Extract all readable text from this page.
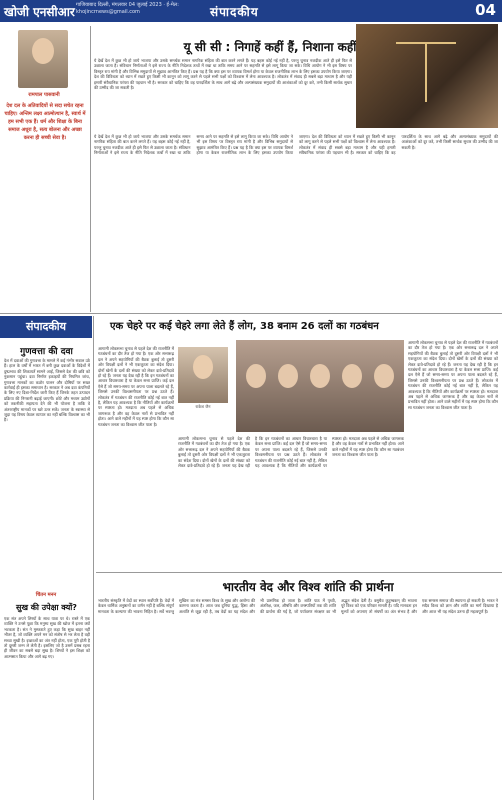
खोजी एनसीआर गाजियाबाद दिल्ली, मंगलवार 04 जुलाई 2023 · ई-मेल: khojincrnews@gmail.com	संपादकीय	04
रामपाल पासवानी
देश दल के अतिवादियों से सदा सचेत रहना चाहिए। अन्तिम लक्ष्य आत्मोत्थान है, स्वार्थ में हम सभी एक हैं। धर्म और शिक्षा के बिना समाज अधूरा है, सत्य बोलना और अच्छा करना ही सच्ची सेवा है।
यू सी सी : निगाहें कहीं हैं, निशाना कहीं
ये देखें देश में कुछ भी हो जाये भाजपा और उसके समर्थक समान नागरिक संहिता की बात करने लगते हैं। यह बहस कोई नई नहीं है, परन्तु चुनाव नजदीक आते ही इसे फिर से उछाला जाता है। संविधान निर्माताओं ने इसे राज्य के नीति निदेशक तत्वों में रखा था ताकि समय आने पर सहमति से इसे लागू किया जा सके। विधि आयोग ने भी इस विषय पर विस्तृत राय मांगी है और विभिन्न समुदायों से सुझाव आमंत्रित किए हैं। प्रश्न यह है कि क्या इस पर व्यापक विमर्श होगा या केवल राजनीतिक लाभ के लिए इसका उपयोग किया जाएगा। देश की विविधता को ध्यान में रखते हुए किसी भी कानून को लागू करने से पहले सभी पक्षों को विश्वास में लेना आवश्यक है। लोकतंत्र में संवाद ही सबसे बड़ा माध्यम है और यही हमारी संवैधानिक परंपरा की पहचान भी है। सरकार को चाहिए कि वह पारदर्शिता के साथ आगे बढ़े और अल्पसंख्यक समुदायों की आशंकाओं को दूर करे, तभी किसी सार्थक सुधार की उम्मीद की जा सकती है।
ये देखें देश में कुछ भी हो जाये भाजपा और उसके समर्थक समान नागरिक संहिता की बात करने लगते हैं। यह बहस कोई नई नहीं है, परन्तु चुनाव नजदीक आते ही इसे फिर से उछाला जाता है। संविधान निर्माताओं ने इसे राज्य के नीति निदेशक तत्वों में रखा था ताकि समय आने पर सहमति से इसे लागू किया जा सके। विधि आयोग ने भी इस विषय पर विस्तृत राय मांगी है और विभिन्न समुदायों से सुझाव आमंत्रित किए हैं। प्रश्न यह है कि क्या इस पर व्यापक विमर्श होगा या केवल राजनीतिक लाभ के लिए इसका उपयोग किया जाएगा। देश की विविधता को ध्यान में रखते हुए किसी भी कानून को लागू करने से पहले सभी पक्षों को विश्वास में लेना आवश्यक है। लोकतंत्र में संवाद ही सबसे बड़ा माध्यम है और यही हमारी संवैधानिक परंपरा की पहचान भी है। सरकार को चाहिए कि वह पारदर्शिता के साथ आगे बढ़े और अल्पसंख्यक समुदायों की आशंकाओं को दूर करे, तभी किसी सार्थक सुधार की उम्मीद की जा सकती है।
संपादकीय
गुणवत्ता की दवा
देश में दवाओं की गुणवत्ता के मामले में कई गंभीर सवाल उठे हैं। हाल के वर्षों में भारत में बनी कुछ दवाओं के विदेशों में दुष्प्रभाव की शिकायतें सामने आईं, जिससे देश की छवि को नुकसान पहुंचा। दवा निर्माण इकाइयों की नियमित जांच, गुणवत्ता मानकों का कठोर पालन और दोषियों पर सख्त कार्रवाई ही इसका समाधान है। सरकार ने अब दवा कंपनियों के लिए नए दिशा-निर्देश जारी किए हैं जिनके तहत उत्पादन प्रक्रिया की निगरानी बढ़ाई जाएगी। छोटे और मध्यम उद्योगों को तकनीकी सहायता देने की भी योजना है ताकि वे अंतरराष्ट्रीय मानकों पर खरे उतर सकें। जनता के स्वास्थ्य से जुड़ा यह विषय केवल व्यापार का नहीं बल्कि विश्वास का भी है।
चिंतन मनन
सुख की उपेक्षा क्यों?
एक संत अपने शिष्यों के साथ यात्रा पर थे। रास्ते में एक व्यक्ति ने उनसे पूछा कि मनुष्य सुख की खोज में इतना क्यों भटकता है। संत ने मुस्कराते हुए कहा कि सुख बाहर नहीं भीतर है, जो व्यक्ति अपने मन को संतोष से भर लेता है वही सच्चा सुखी है। इच्छाओं का अंत नहीं होता, एक पूरी होती है तो दूसरी जन्म ले लेती है। इसलिए जो है उसमें प्रसन्न रहना ही जीवन का सबसे बड़ा सुख है। शिष्यों ने इस शिक्षा को आत्मसात किया और आगे बढ़ गए।
एक चेहरे पर कई चेहरे लगा लेते हैं लोग, 38 बनाम 26 दलों का गठबंधन
राकेश जैन
आगामी लोकसभा चुनाव से पहले देश की राजनीति में गठबंधनों का दौर तेज हो गया है। एक ओर सत्तारूढ़ दल ने अपने सहयोगियों की बैठक बुलाई तो दूसरी ओर विपक्षी दलों ने भी एकजुटता का संदेश दिया। दोनों खेमों के दलों की संख्या को लेकर दावे-प्रतिदावे हो रहे हैं। जनता यह देख रही है कि इन गठबंधनों का आधार विचारधारा है या केवल सत्ता प्राप्ति। कई दल ऐसे हैं जो समय-समय पर अपना पाला बदलते रहे हैं, जिससे उनकी विश्वसनीयता पर प्रश्न उठते हैं। लोकतंत्र में गठबंधन की राजनीति कोई नई बात नहीं है, लेकिन यह आवश्यक है कि नीतियों और कार्यक्रमों पर स्पष्टता हो। मतदाता अब पहले से अधिक जागरूक है और वह केवल नारों से प्रभावित नहीं होता। आने वाले महीनों में यह स्पष्ट होगा कि कौन सा गठबंधन जनता का विश्वास जीत पाता है।
आगामी लोकसभा चुनाव से पहले देश की राजनीति में गठबंधनों का दौर तेज हो गया है। एक ओर सत्तारूढ़ दल ने अपने सहयोगियों की बैठक बुलाई तो दूसरी ओर विपक्षी दलों ने भी एकजुटता का संदेश दिया। दोनों खेमों के दलों की संख्या को लेकर दावे-प्रतिदावे हो रहे हैं। जनता यह देख रही है कि इन गठबंधनों का आधार विचारधारा है या केवल सत्ता प्राप्ति। कई दल ऐसे हैं जो समय-समय पर अपना पाला बदलते रहे हैं, जिससे उनकी विश्वसनीयता पर प्रश्न उठते हैं। लोकतंत्र में गठबंधन की राजनीति कोई नई बात नहीं है, लेकिन यह आवश्यक है कि नीतियों और कार्यक्रमों पर स्पष्टता हो। मतदाता अब पहले से अधिक जागरूक है और वह केवल नारों से प्रभावित नहीं होता। आने वाले महीनों में यह स्पष्ट होगा कि कौन सा गठबंधन जनता का विश्वास जीत पाता है।
आगामी लोकसभा चुनाव से पहले देश की राजनीति में गठबंधनों का दौर तेज हो गया है। एक ओर सत्तारूढ़ दल ने अपने सहयोगियों की बैठक बुलाई तो दूसरी ओर विपक्षी दलों ने भी एकजुटता का संदेश दिया। दोनों खेमों के दलों की संख्या को लेकर दावे-प्रतिदावे हो रहे हैं। जनता यह देख रही है कि इन गठबंधनों का आधार विचारधारा है या केवल सत्ता प्राप्ति। कई दल ऐसे हैं जो समय-समय पर अपना पाला बदलते रहे हैं, जिससे उनकी विश्वसनीयता पर प्रश्न उठते हैं। लोकतंत्र में गठबंधन की राजनीति कोई नई बात नहीं है, लेकिन यह आवश्यक है कि नीतियों और कार्यक्रमों पर स्पष्टता हो। मतदाता अब पहले से अधिक जागरूक है और वह केवल नारों से प्रभावित नहीं होता। आने वाले महीनों में यह स्पष्ट होगा कि कौन सा गठबंधन जनता का विश्वास जीत पाता है।
भारतीय वेद और विश्व शांति की प्रार्थना
भारतीय संस्कृति में वेदों का स्थान सर्वोपरि है। वेदों में केवल धार्मिक अनुष्ठानों का वर्णन नहीं है बल्कि संपूर्ण मानवता के कल्याण की भावना निहित है। सर्वे भवन्तु सुखिनः का मंत्र समस्त विश्व के सुख और आरोग्य की कामना करता है। आज जब दुनिया युद्ध, हिंसा और अशांति से जूझ रही है, तब वेदों का यह संदेश और भी प्रासंगिक हो जाता है। शांति पाठ में पृथ्वी, अंतरिक्ष, जल, औषधि और वनस्पतियों तक की शांति की प्रार्थना की गई है, जो पर्यावरण संरक्षण का भी अद्भुत संदेश देती है। वसुधैव कुटुम्बकम् की भावना पूरे विश्व को एक परिवार मानती है। यदि मानवता इन मूल्यों को अपनाए तो संघर्षों का अंत संभव है और एक समरस समाज की स्थापना हो सकती है। भारत ने सदैव विश्व को ज्ञान और शांति का मार्ग दिखाया है और आज भी यह संदेश उतना ही महत्वपूर्ण है।
